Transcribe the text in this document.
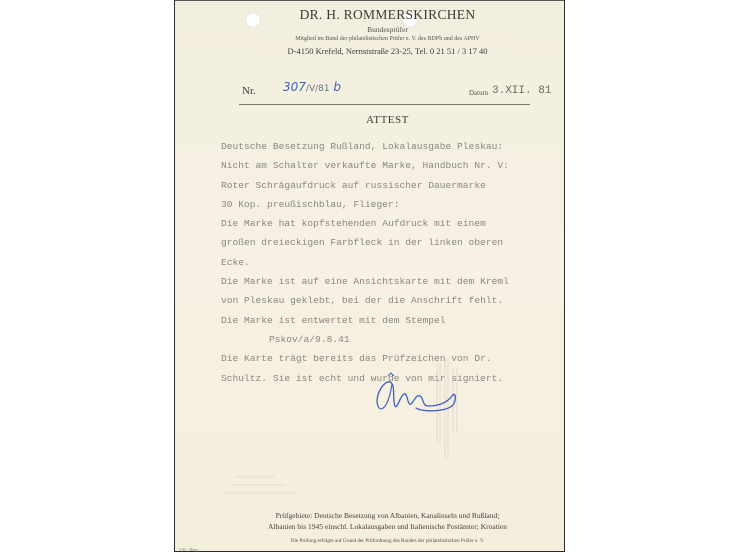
DR. H. ROMMERSKIRCHEN
Bundesprüfer
Mitglied im Bund der philatelistischen Prüfer e. V. des BDPh und des APHV
D-4150 Krefeld, Nernststraße 23-25, Tel. 0 21 51 / 3 17 40
Nr. 307/V/81 b	Datum 3.XII. 81
ATTEST
Deutsche Besetzung Rußland, Lokalausgabe Pleskau:
Nicht am Schalter verkaufte Marke, Handbuch Nr. V:
Roter Schrägaufdruck auf russischer Dauermarke
30 Kop. preußischblau, Flieger:
Die Marke hat kopfstehenden Aufdruck mit einem
großen dreieckigen Farbfleck in der linken oberen
Ecke.
Die Marke ist auf eine Ansichtskarte mit dem Kreml
von Pleskau geklebt, bei der die Anschrift fehlt.
Die Marke ist entwertet mit dem Stempel
Pskov/a/9.8.41
Die Karte trägt bereits das Prüfzeichen von Dr.
Schultz. Sie ist echt und wurde von mir signiert.
Prüfgebiete: Deutsche Besetzung von Albanien, Kanalinseln und Rußland;
Albanien bis 1945 einschl. Lokalausgaben und Italienische Postämter; Kroatien
Die Prüfung erfolgte auf Grund der Prüfordnung des Bundes der philatelistischen Prüfer e. V.
5 83 - Berg -
